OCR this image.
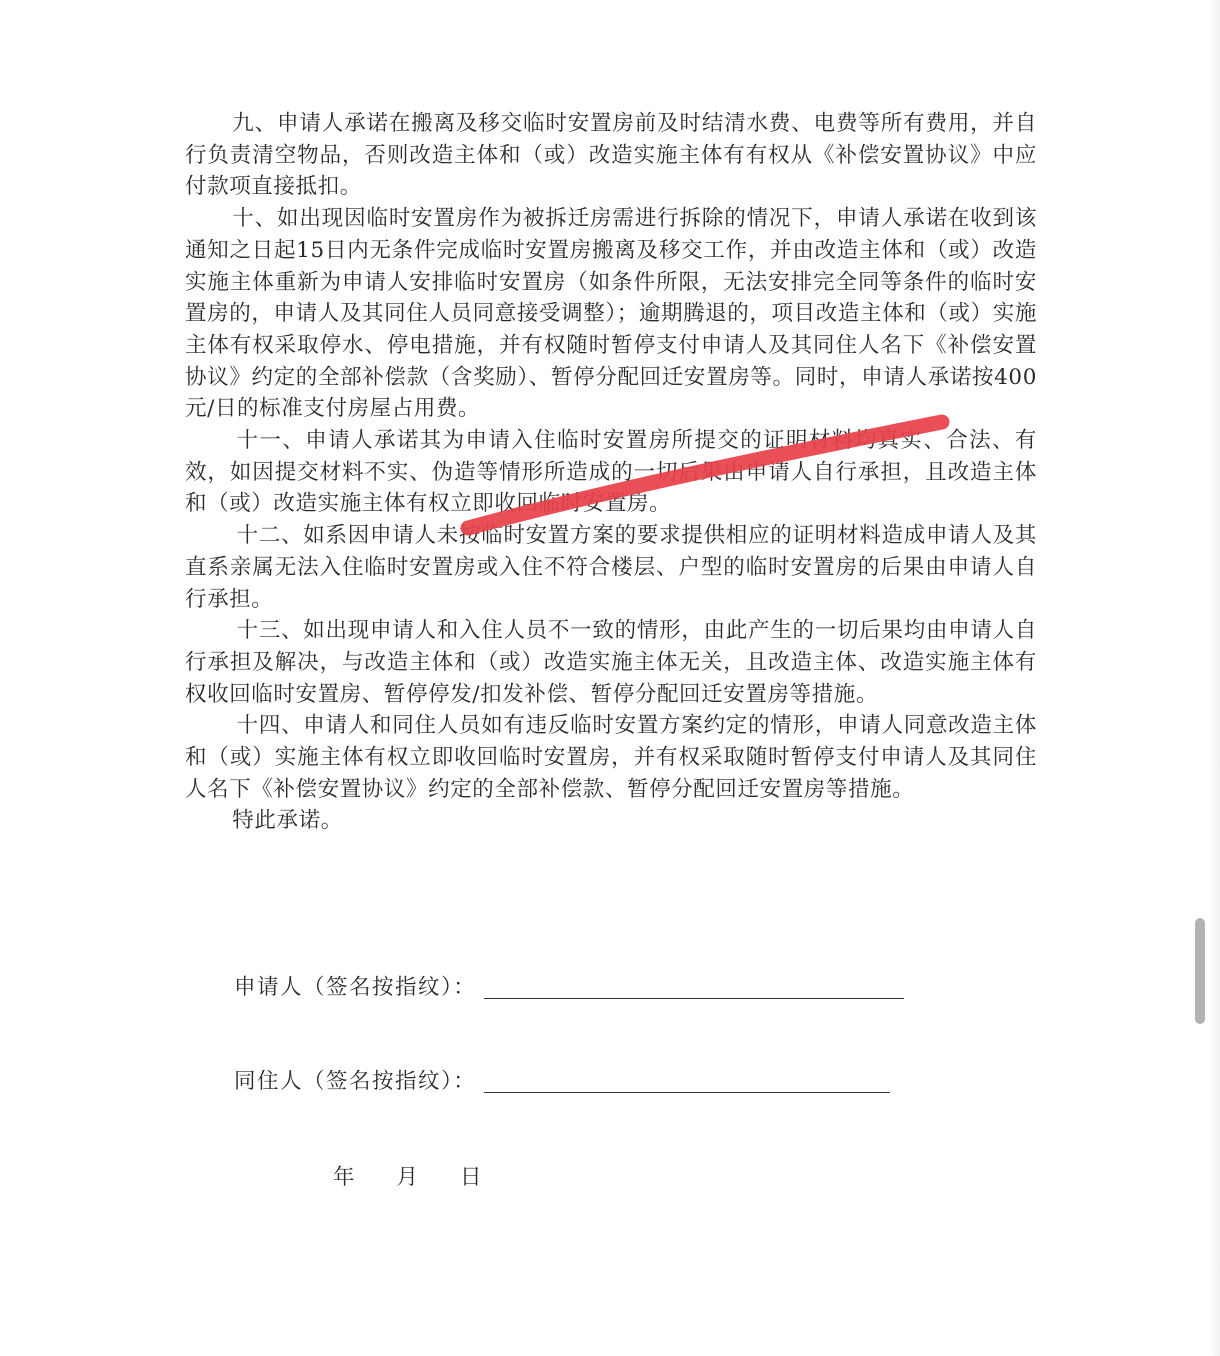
九、申请人承诺在搬离及移交临时安置房前及时结清水费、电费等所有费用，并自行负责清空物品，否则改造主体和（或）改造实施主体有有权从《补偿安置协议》中应付款项直接抵扣。

十、如出现因临时安置房作为被拆迁房需进行拆除的情况下，申请人承诺在收到该通知之日起15日内无条件完成临时安置房搬离及移交工作，并由改造主体和（或）改造实施主体重新为申请人安排临时安置房（如条件所限，无法安排完全同等条件的临时安置房的，申请人及其同住人员同意接受调整）；逾期腾退的，项目改造主体和（或）实施主体有权采取停水、停电措施，并有权随时暂停支付申请人及其同住人名下《补偿安置协议》约定的全部补偿款（含奖励）、暂停分配回迁安置房等。同时，申请人承诺按400元/日的标准支付房屋占用费。

十一、申请人承诺其为申请入住临时安置房所提交的证明材料均真实、合法、有效，如因提交材料不实、伪造等情形所造成的一切后果由申请人自行承担，且改造主体和（或）改造实施主体有权立即收回临时安置房。

十二、如系因申请人未按临时安置方案的要求提供相应的证明材料造成申请人及其直系亲属无法入住临时安置房或入住不符合楼层、户型的临时安置房的后果由申请人自行承担。

十三、如出现申请人和入住人员不一致的情形，由此产生的一切后果均由申请人自行承担及解决，与改造主体和（或）改造实施主体无关，且改造主体、改造实施主体有权收回临时安置房、暂停停发/扣发补偿、暂停分配回迁安置房等措施。

十四、申请人和同住人员如有违反临时安置方案约定的情形，申请人同意改造主体和（或）实施主体有权立即收回临时安置房，并有权采取随时暂停支付申请人及其同住人名下《补偿安置协议》约定的全部补偿款、暂停分配回迁安置房等措施。

特此承诺。

申请人（签名按指纹）：
同住人（签名按指纹）：
年 月 日
